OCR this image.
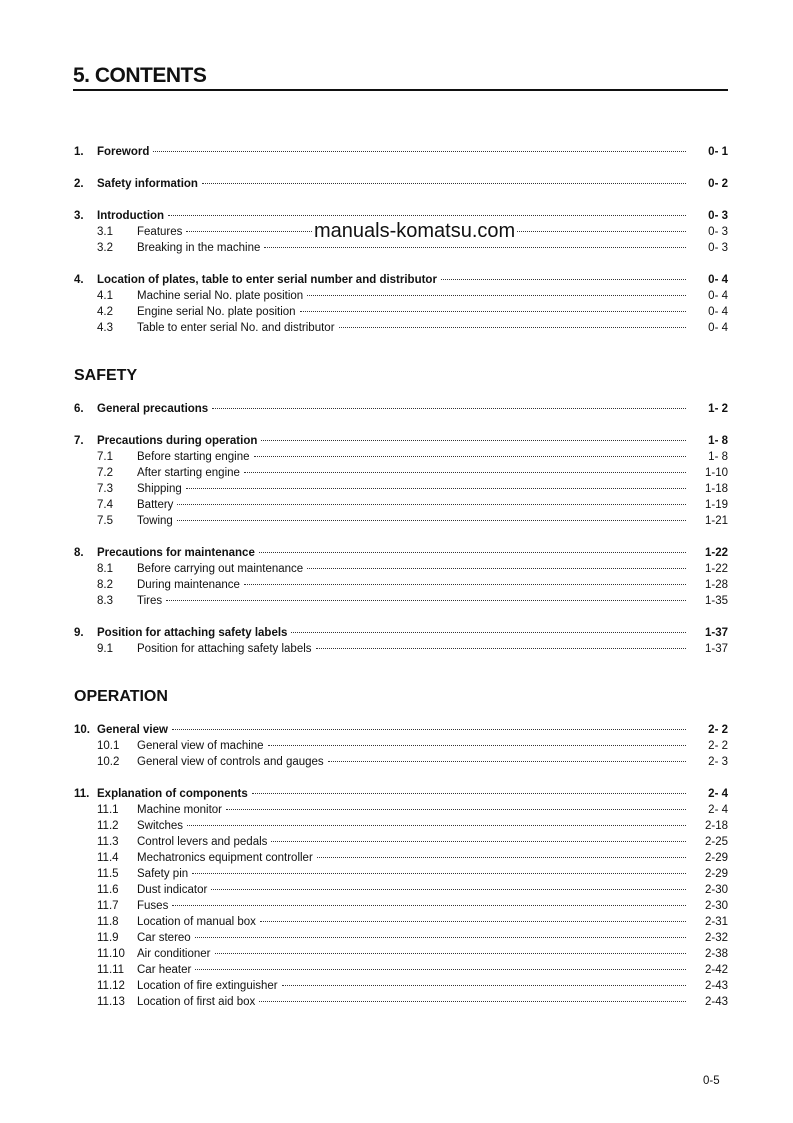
5. CONTENTS
1.	Foreword	0- 1
2.	Safety information	0- 2
3.	Introduction	0- 3
3.1	Features	0- 3
3.2	Breaking in the machine	0- 3
4.	Location of plates, table to enter serial number and distributor	0- 4
4.1	Machine serial No. plate position	0- 4
4.2	Engine serial No. plate position	0- 4
4.3	Table to enter serial No. and distributor	0- 4
SAFETY
6.	General precautions	1- 2
7.	Precautions during operation	1- 8
7.1	Before starting engine	1- 8
7.2	After starting engine	1-10
7.3	Shipping	1-18
7.4	Battery	1-19
7.5	Towing	1-21
8.	Precautions for maintenance	1-22
8.1	Before carrying out maintenance	1-22
8.2	During maintenance	1-28
8.3	Tires	1-35
9.	Position for attaching safety labels	1-37
9.1	Position for attaching safety labels	1-37
OPERATION
10. General view	2- 2
10.1	General view of machine	2- 2
10.2	General view of controls and gauges	2- 3
11. Explanation of components	2- 4
11.1	Machine monitor	2- 4
11.2	Switches	2-18
11.3	Control levers and pedals	2-25
11.4	Mechatronics equipment controller	2-29
11.5	Safety pin	2-29
11.6	Dust indicator	2-30
11.7	Fuses	2-30
11.8	Location of manual box	2-31
11.9	Car stereo	2-32
11.10	Air conditioner	2-38
11.11	Car heater	2-42
11.12	Location of fire extinguisher	2-43
11.13	Location of first aid box	2-43
manuals-komatsu.com
0-5
